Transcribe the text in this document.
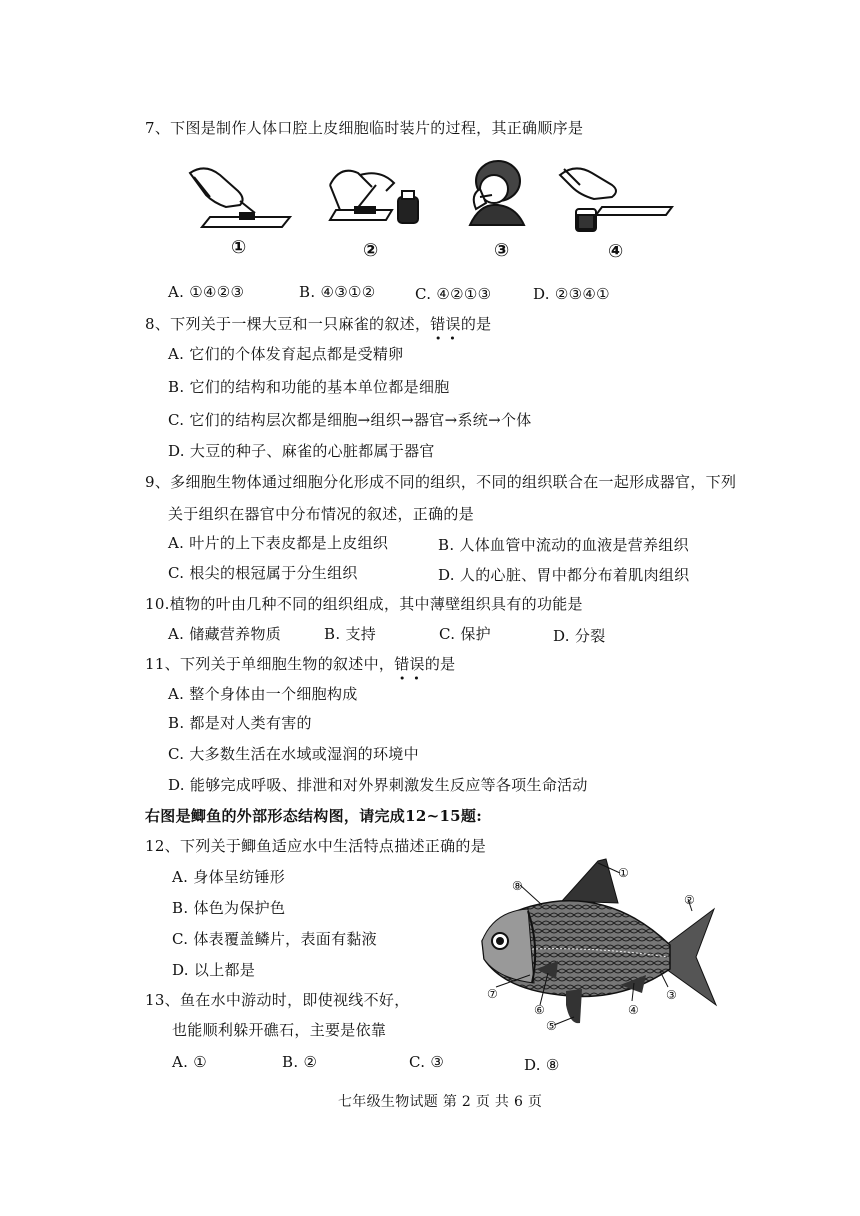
7、下图是制作人体口腔上皮细胞临时装片的过程，其正确顺序是
①	②	③	④
A. ①④②③	B. ④③①②	C. ④②①③	D. ②③④①
8、下列关于一棵大豆和一只麻雀的叙述，错误
的是
A. 它们的个体发育起点都是受精卵
B. 它们的结构和功能的基本单位都是细胞
C. 它们的结构层次都是细胞→组织→器官→系统→个体
D. 大豆的种子、麻雀的心脏都属于器官
9、多细胞生物体通过细胞分化形成不同的组织，不同的组织联合在一起形成器官，下列
关于组织在器官中分布情况的叙述，正确的是
A. 叶片的上下表皮都是上皮组织	B. 人体血管中流动的血液是营养组织
C. 根尖的根冠属于分生组织	D. 人的心脏、胃中都分布着肌肉组织
10.植物的叶由几种不同的组织组成，其中薄壁组织具有的功能是
A. 储藏营养物质	B. 支持	C. 保护	D. 分裂
11、下列关于单细胞生物的叙述中，错误
的是
A. 整个身体由一个细胞构成
B. 都是对人类有害的
C. 大多数生活在水域或湿润的环境中
D. 能够完成呼吸、排泄和对外界刺激发生反应等各项生命活动
右图是鲫鱼的外部形态结构图，请完成12~15题:
12、下列关于鲫鱼适应水中生活特点描述正确的是
A. 身体呈纺锤形
B. 体色为保护色
C. 体表覆盖鳞片，表面有黏液
D. 以上都是
13、鱼在水中游动时，即使视线不好，
也能顺利躲开礁石，主要是依靠
A. ①	B. ②	C. ③	D. ⑧
①
②
③
④
⑤
⑥
⑦
⑧
七年级生物试题 第 2 页 共 6 页
